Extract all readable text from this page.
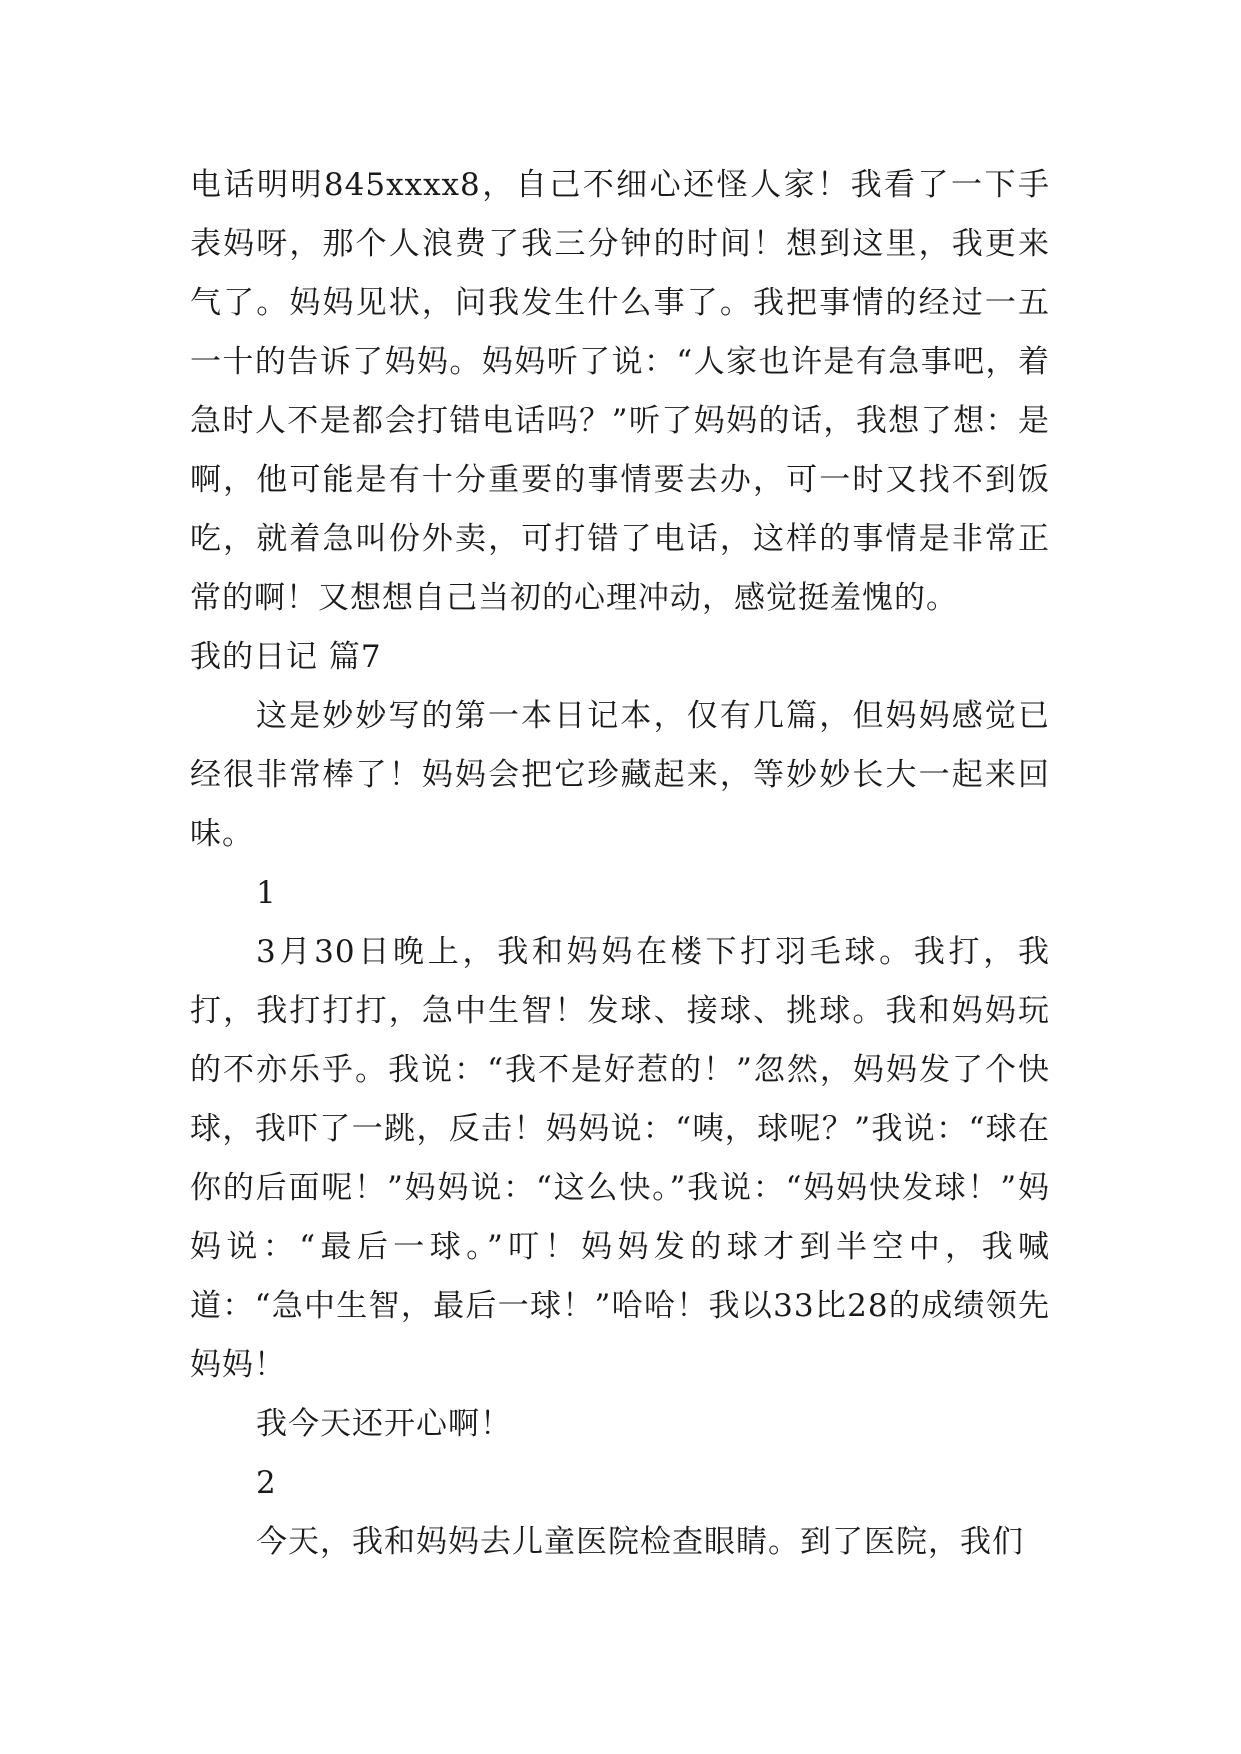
电话明明845xxxx8，自己不细心还怪人家！我看了一下手表妈呀，那个人浪费了我三分钟的时间！想到这里，我更来气了。妈妈见状，问我发生什么事了。我把事情的经过一五一十的告诉了妈妈。妈妈听了说：“人家也许是有急事吧，着急时人不是都会打错电话吗？”听了妈妈的话，我想了想：是啊，他可能是有十分重要的事情要去办，可一时又找不到饭吃，就着急叫份外卖，可打错了电话，这样的事情是非常正常的啊！又想想自己当初的心理冲动，感觉挺羞愧的。

我的日记 篇7

这是妙妙写的第一本日记本，仅有几篇，但妈妈感觉已经很非常棒了！妈妈会把它珍藏起来，等妙妙长大一起来回味。

1

3月30日晚上，我和妈妈在楼下打羽毛球。我打，我打，我打打打，急中生智！发球、接球、挑球。我和妈妈玩的不亦乐乎。我说：“我不是好惹的！”忽然，妈妈发了个快球，我吓了一跳，反击！妈妈说：“咦，球呢？”我说：“球在你的后面呢！”妈妈说：“这么快。”我说：“妈妈快发球！”妈妈说：“最后一球。”叮！妈妈发的球才到半空中，我喊道：“急中生智，最后一球！”哈哈！我以33比28的成绩领先妈妈！

我今天还开心啊！

2

今天，我和妈妈去儿童医院检查眼睛。到了医院，我们
